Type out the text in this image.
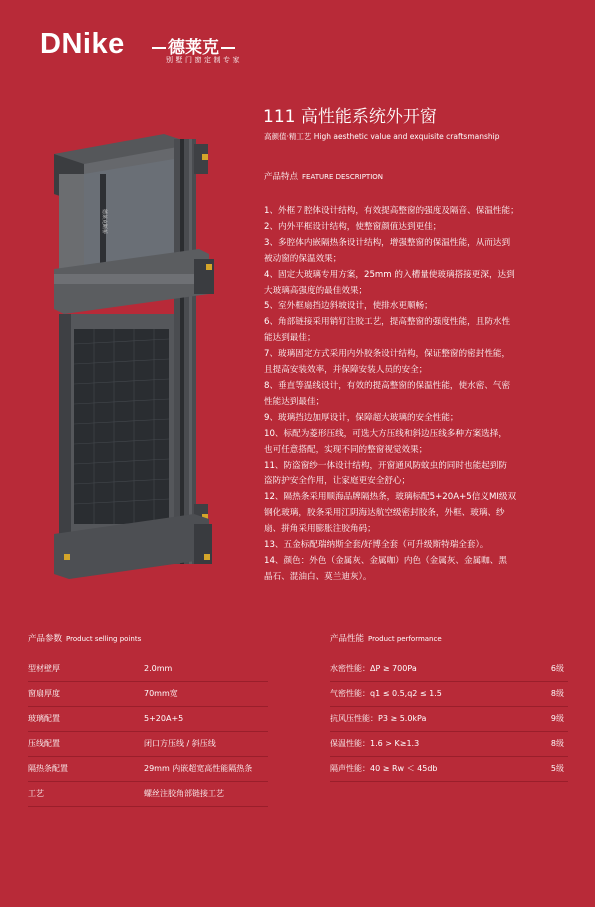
DNike	德莱克
别墅门窗定制专家
德莱克断桥
111 高性能系统外开窗
高颜值·精工艺 High aesthetic value and exquisite craftsmanship
产品特点 FEATURE DESCRIPTION
1、外框７腔体设计结构，有效提高整窗的强度及隔音、保温性能；
2、内外平框设计结构，使整窗颜值达到更佳；
3、多腔体内嵌隔热条设计结构，增强整窗的保温性能，从而达到
被动窗的保温效果；
4、固定大玻璃专用方案，25mm 的入槽量使玻璃搭接更深，达到
大玻璃高强度的最佳效果；
5、室外框扇挡边斜坡设计，使排水更顺畅；
6、角部链接采用销钉注胶工艺，提高整窗的强度性能，且防水性
能达到最佳；
7、玻璃固定方式采用内外胶条设计结构，保证整窗的密封性能，
且提高安装效率，并保障安装人员的安全；
8、垂直等温线设计，有效的提高整窗的保温性能，使水密、气密
性能达到最佳；
9、玻璃挡边加厚设计，保障超大玻璃的安全性能；
10、标配为菱形压线，可选大方压线和斜边压线多种方案选择，
也可任意搭配，实现不同的整窗视觉效果；
11、防盗窗纱一体设计结构，开窗通风防蚊虫的同时也能起到防
盗防护安全作用，让家庭更安全舒心；
12、隔热条采用顺海品牌隔热条，玻璃标配5+20A+5信义MI级双
钢化玻璃，胶条采用江阴海达航空级密封胶条，外框、玻璃、纱
扇、拼角采用膨胀注胶角码；
13、五金标配瑞纳斯全套/好博全套（可升级斯特瑞全套）。
14、颜色：外色（金属灰、金属咖）内色（金属灰、金属咖、黑
晶石、混油白、莫兰迪灰）。
产品参数 Product selling points	产品性能 Product performance
型材壁厚	2.0mm
窗扇厚度	70mm宽
玻璃配置	5+20A+5
压线配置	闭口方压线 / 斜压线
隔热条配置	29mm 内嵌超宽高性能隔热条
工艺	螺丝注胶角部链接工艺
水密性能：ΔP ≥ 700Pa	6级
气密性能：q1 ≤ 0.5,q2 ≤ 1.5	8级
抗风压性能：P3 ≥ 5.0kPa	9级
保温性能：1.6 > K≥1.3	8级
隔声性能：40 ≥ Rw ＜ 45db	5级
